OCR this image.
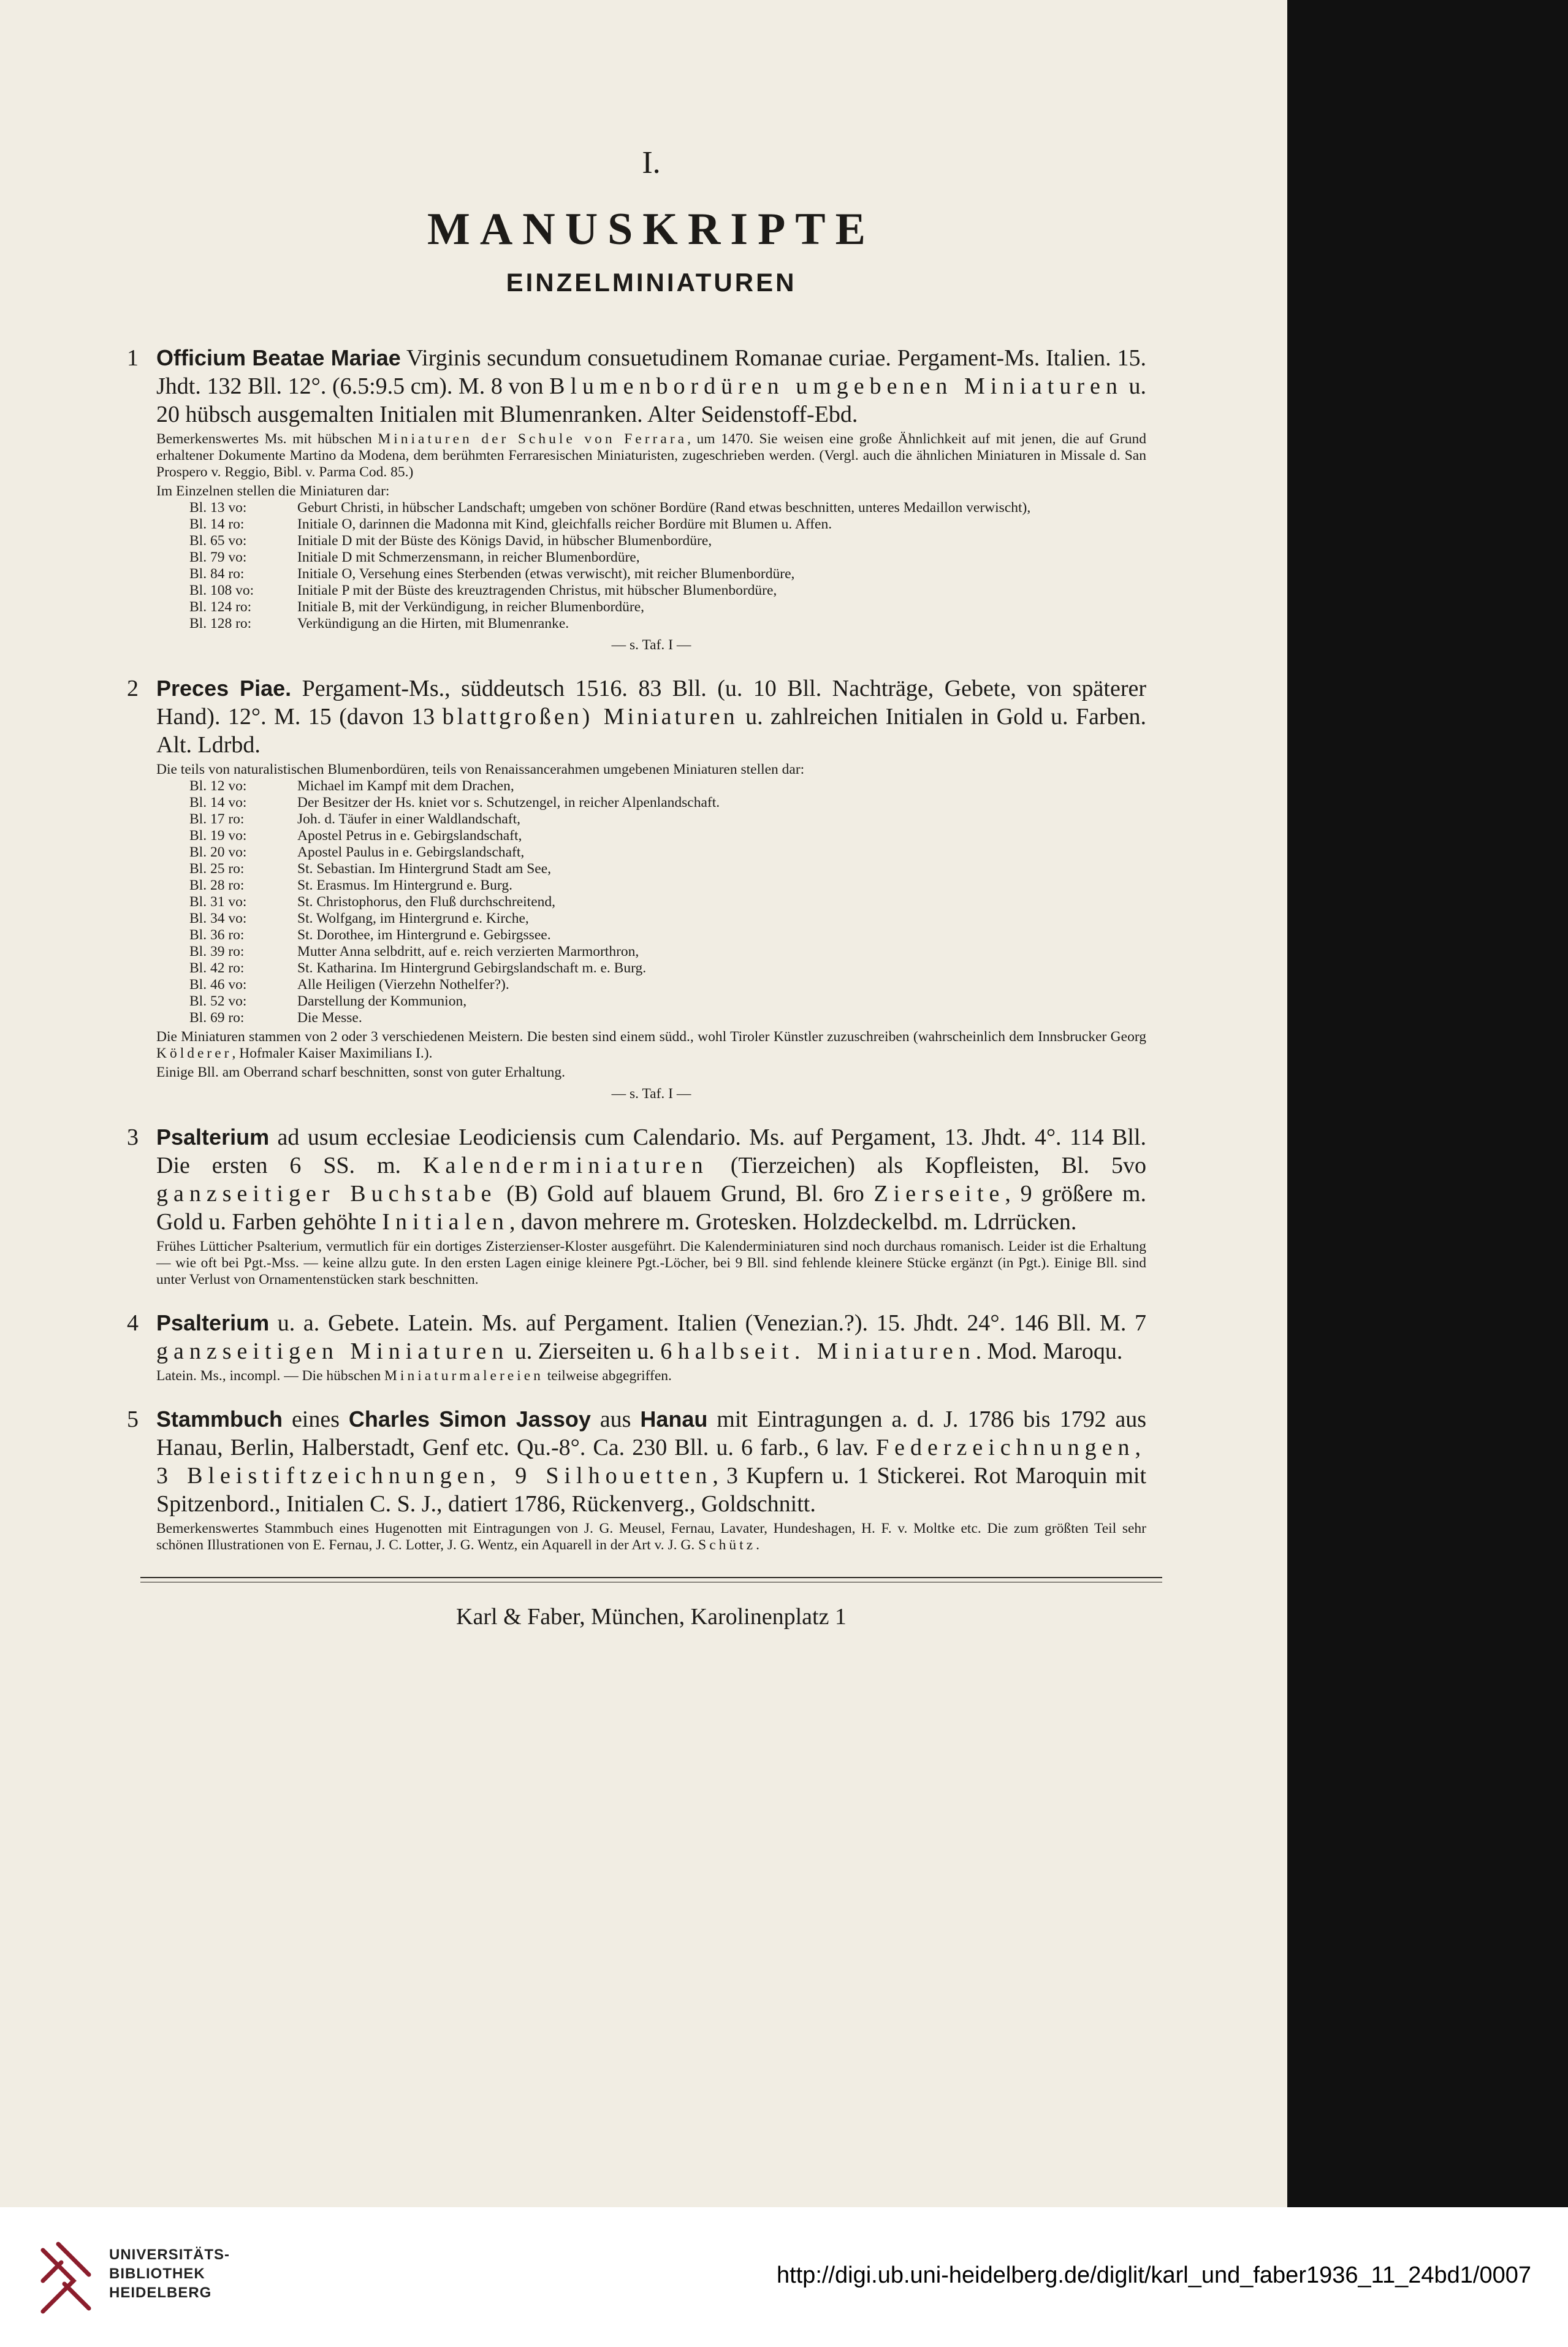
I.
MANUSKRIPTE
EINZELMINIATUREN
1 Officium Beatae Mariae Virginis secundum consuetudinem Romanae curiae. Pergament-Ms. Italien. 15. Jhdt. 132 Bll. 12°. (6.5:9.5 cm). M. 8 von Blumenbordüren umgebenen Miniaturen u. 20 hübsch ausgemalten Initialen mit Blumenranken. Alter Seidenstoff-Ebd.

Bemerkenswertes Ms. mit hübschen Miniaturen der Schule von Ferrara, um 1470. Sie weisen eine große Ähnlichkeit auf mit jenen, die auf Grund erhaltener Dokumente Martino da Modena, dem berühmten Ferraresischen Miniaturisten, zugeschrieben werden. (Vergl. auch die ähnlichen Miniaturen in Missale d. San Prospero v. Reggio, Bibl. v. Parma Cod. 85.)

Im Einzelnen stellen die Miniaturen dar:

Bl. 13 vo:	Geburt Christi, in hübscher Landschaft; umgeben von schöner Bordüre (Rand etwas beschnitten, unteres Medaillon verwischt),
Bl. 14 ro:	Initiale O, darinnen die Madonna mit Kind, gleichfalls reicher Bordüre mit Blumen u. Affen.
Bl. 65 vo:	Initiale D mit der Büste des Königs David, in hübscher Blumenbordüre,
Bl. 79 vo:	Initiale D mit Schmerzensmann, in reicher Blumenbordüre,
Bl. 84 ro:	Initiale O, Versehung eines Sterbenden (etwas verwischt), mit reicher Blumenbordüre,
Bl. 108 vo:	Initiale P mit der Büste des kreuztragenden Christus, mit hübscher Blumenbordüre,
Bl. 124 ro:	Initiale B, mit der Verkündigung, in reicher Blumenbordüre,
Bl. 128 ro:	Verkündigung an die Hirten, mit Blumenranke.

— s. Taf. I —

2 Preces Piae. Pergament-Ms., süddeutsch 1516. 83 Bll. (u. 10 Bll. Nachträge, Gebete, von späterer Hand). 12°. M. 15 (davon 13 blattgroßen) Miniaturen u. zahlreichen Initialen in Gold u. Farben. Alt. Ldrbd.

Die teils von naturalistischen Blumenbordüren, teils von Renaissancerahmen umgebenen Miniaturen stellen dar:

Bl. 12 vo:	Michael im Kampf mit dem Drachen,
Bl. 14 vo:	Der Besitzer der Hs. kniet vor s. Schutzengel, in reicher Alpenlandschaft.
Bl. 17 ro:	Joh. d. Täufer in einer Waldlandschaft,
Bl. 19 vo:	Apostel Petrus in e. Gebirgslandschaft,
Bl. 20 vo:	Apostel Paulus in e. Gebirgslandschaft,
Bl. 25 ro:	St. Sebastian. Im Hintergrund Stadt am See,
Bl. 28 ro:	St. Erasmus. Im Hintergrund e. Burg.
Bl. 31 vo:	St. Christophorus, den Fluß durchschreitend,
Bl. 34 vo:	St. Wolfgang, im Hintergrund e. Kirche,
Bl. 36 ro:	St. Dorothee, im Hintergrund e. Gebirgssee.
Bl. 39 ro:	Mutter Anna selbdritt, auf e. reich verzierten Marmorthron,
Bl. 42 ro:	St. Katharina. Im Hintergrund Gebirgslandschaft m. e. Burg.
Bl. 46 vo:	Alle Heiligen (Vierzehn Nothelfer?).
Bl. 52 vo:	Darstellung der Kommunion,
Bl. 69 ro:	Die Messe.

Die Miniaturen stammen von 2 oder 3 verschiedenen Meistern. Die besten sind einem südd., wohl Tiroler Künstler zuzuschreiben (wahrscheinlich dem Innsbrucker Georg Kölderer, Hofmaler Kaiser Maximilians I.).

Einige Bll. am Oberrand scharf beschnitten, sonst von guter Erhaltung.

— s. Taf. I —

3 Psalterium ad usum ecclesiae Leodiciensis cum Calendario. Ms. auf Pergament, 13. Jhdt. 4°. 114 Bll. Die ersten 6 SS. m. Kalenderminiaturen (Tierzeichen) als Kopfleisten, Bl. 5vo ganzseitiger Buchstabe (B) Gold auf blauem Grund, Bl. 6ro Zierseite, 9 größere m. Gold u. Farben gehöhte Initialen, davon mehrere m. Grotesken. Holzdeckelbd. m. Ldrrücken.

Frühes Lütticher Psalterium, vermutlich für ein dortiges Zisterzienser-Kloster ausgeführt. Die Kalenderminiaturen sind noch durchaus romanisch. Leider ist die Erhaltung — wie oft bei Pgt.-Mss. — keine allzu gute. In den ersten Lagen einige kleinere Pgt.-Löcher, bei 9 Bll. sind fehlende kleinere Stücke ergänzt (in Pgt.). Einige Bll. sind unter Verlust von Ornamentenstücken stark beschnitten.

4 Psalterium u. a. Gebete. Latein. Ms. auf Pergament. Italien (Venezian.?). 15. Jhdt. 24°. 146 Bll. M. 7 ganzseitigen Miniaturen u. Zierseiten u. 6 halbseit. Miniaturen. Mod. Maroqu.

Latein. Ms., incompl. — Die hübschen Miniaturmalereien teilweise abgegriffen.

5 Stammbuch eines Charles Simon Jassoy aus Hanau mit Eintragungen a. d. J. 1786 bis 1792 aus Hanau, Berlin, Halberstadt, Genf etc. Qu.-8°. Ca. 230 Bll. u. 6 farb., 6 lav. Federzeichnungen, 3 Bleistiftzeichnungen, 9 Silhouetten, 3 Kupfern u. 1 Stickerei. Rot Maroquin mit Spitzenbord., Initialen C. S. J., datiert 1786, Rückenverg., Goldschnitt.

Bemerkenswertes Stammbuch eines Hugenotten mit Eintragungen von J. G. Meusel, Fernau, Lavater, Hundeshagen, H. F. v. Moltke etc. Die zum größten Teil sehr schönen Illustrationen von E. Fernau, J. C. Lotter, J. G. Wentz, ein Aquarell in der Art v. J. G. Schütz.

Karl & Faber, München, Karolinenplatz 1
UNIVERSITÄTS-
BIBLIOTHEK
HEIDELBERG
http://digi.ub.uni-heidelberg.de/diglit/karl_und_faber1936_11_24bd1/0007
